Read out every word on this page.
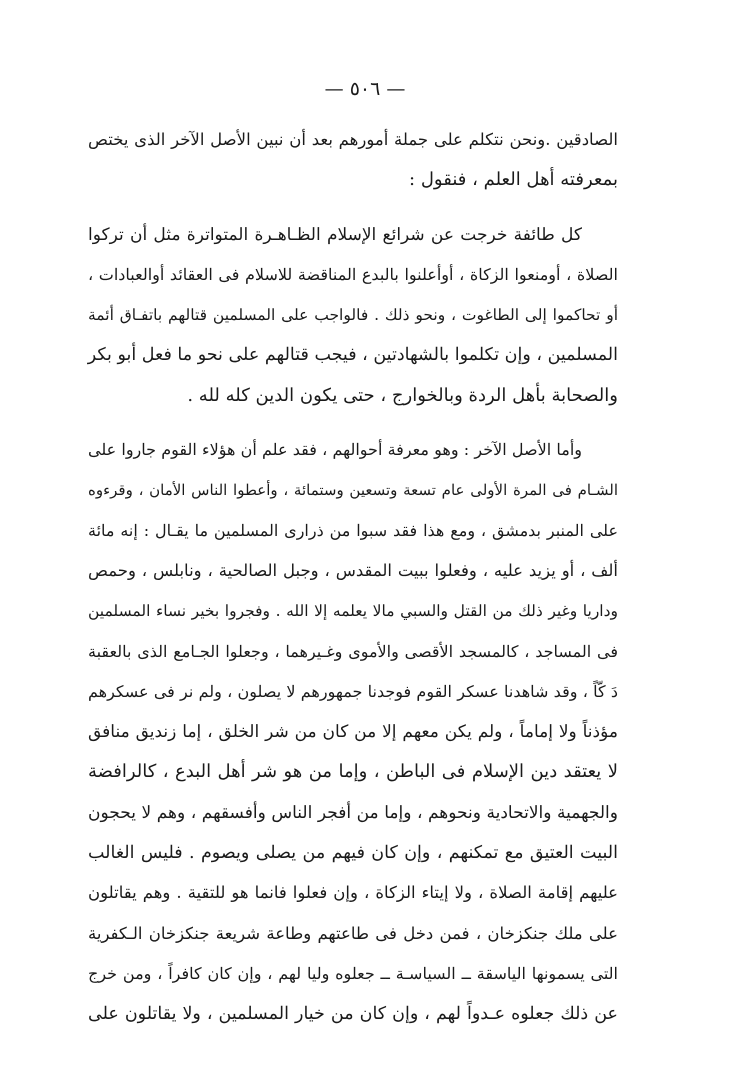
— ٥٠٦ —
الصادقين .ونحن نتكلم على جملة أمورهم بعد أن نبين الأصل الآخر الذى يختص
بمعرفته أهل العلم ، فنقول :
كل طائفة خرجت عن شرائع الإسلام الظـاهـرة المتواترة مثل أن تركوا
الصلاة ، أومنعوا الزكاة ، أوأعلنوا بالبدع المناقضة للاسلام فى العقائد أوالعبادات ،
أو تحاكموا إلى الطاغوت ، ونحو ذلك . فالواجب على المسلمين قتالهم باتفـاق أئمة
المسلمين ، وإن تكلموا بالشهادتين ، فيجب قتالهم على نحو ما فعل أبو بكر
والصحابة بأهل الردة وبالخوارج ، حتى يكون الدين كله لله .
وأما الأصل الآخر : وهو معرفة أحوالهم ، فقد علم أن هؤلاء القوم جاروا على
الشـام فى المرة الأولى عام تسعة وتسعين وستمائة ، وأعطوا الناس الأمان ، وقرءوه
على المنبر بدمشق ، ومع هذا فقد سبوا من ذرارى المسلمين ما يقـال : إنه مائة
ألف ، أو يزيد عليه ، وفعلوا ببيت المقدس ، وجبل الصالحية ، ونابلس ، وحمص
وداريا وغير ذلك من القتل والسبي مالا يعلمه إلا الله . وفجروا بخير نساء المسلمين
فى المساجد ، كالمسجد الأقصى والأموى وغـيرهما ، وجعلوا الجـامع الذى بالعقبة
دَ كّاً ، وقد شاهدنا عسكر القوم فوجدنا جمهورهم لا يصلون ، ولم نر فى عسكرهم
مؤذناً ولا إماماً ، ولم يكن معهم إلا من كان من شر الخلق ، إما زنديق منافق
لا يعتقد دين الإسلام فى الباطن ، وإما من هو شر أهل البدع ، كالرافضة
والجهمية والاتحادية ونحوهم ، وإما من أفجر الناس وأفسقهم ، وهم لا يحجون
البيت العتيق مع تمكنهم ، وإن كان فيهم من يصلى ويصوم . فليس الغالب
عليهم إقامة الصلاة ، ولا إيتاء الزكاة ، وإن فعلوا فانما هو للتقية . وهم يقاتلون
على ملك جنكزخان ، فمن دخل فى طاعتهم وطاعة شريعة جنكزخان الـكفرية
التى يسمونها الياسقة ــ السياسـة ــ جعلوه وليا لهم ، وإن كان كافراً ، ومن خرج
عن ذلك جعلوه عـدواً لهم ، وإن كان من خيار المسلمين ، ولا يقاتلون على
